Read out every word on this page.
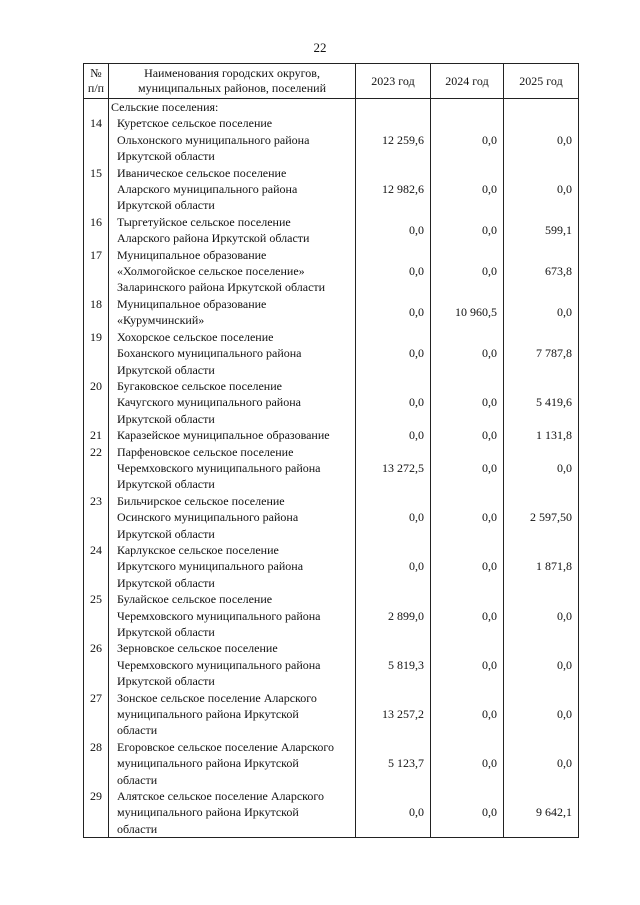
22
№ п/п	Наименования городских округов, муниципальных районов, поселений	2023 год	2024 год	2025 год
	Сельские поселения:			
14	Куретское сельское поселение
Ольхонского муниципального района
Иркутской области	12 259,6	0,0	0,0
15	Иваническое сельское поселение
Аларского муниципального района
Иркутской области	12 982,6	0,0	0,0
16	Тыргетуйское сельское поселение
Аларского района Иркутской области	0,0	0,0	599,1
17	Муниципальное образование
«Холмогойское сельское поселение»
Заларинского района Иркутской области	0,0	0,0	673,8
18	Муниципальное образование
«Курумчинский»	0,0	10 960,5	0,0
19	Хохорское сельское поселение
Боханского муниципального района
Иркутской области	0,0	0,0	7 787,8
20	Бугаковское сельское поселение
Качугского муниципального района
Иркутской области	0,0	0,0	5 419,6
21	Каразейское муниципальное образование	0,0	0,0	1 131,8
22	Парфеновское сельское поселение
Черемховского муниципального района
Иркутской области	13 272,5	0,0	0,0
23	Бильчирское сельское поселение
Осинского муниципального района
Иркутской области	0,0	0,0	2 597,50
24	Карлукское сельское поселение
Иркутского муниципального района
Иркутской области	0,0	0,0	1 871,8
25	Булайское сельское поселение
Черемховского муниципального района
Иркутской области	2 899,0	0,0	0,0
26	Зерновское сельское поселение
Черемховского муниципального района
Иркутской области	5 819,3	0,0	0,0
27	Зонское сельское поселение Аларского
муниципального района Иркутской
области	13 257,2	0,0	0,0
28	Егоровское сельское поселение Аларского
муниципального района Иркутской
области	5 123,7	0,0	0,0
29	Алятское сельское поселение Аларского
муниципального района Иркутской
области	0,0	0,0	9 642,1
